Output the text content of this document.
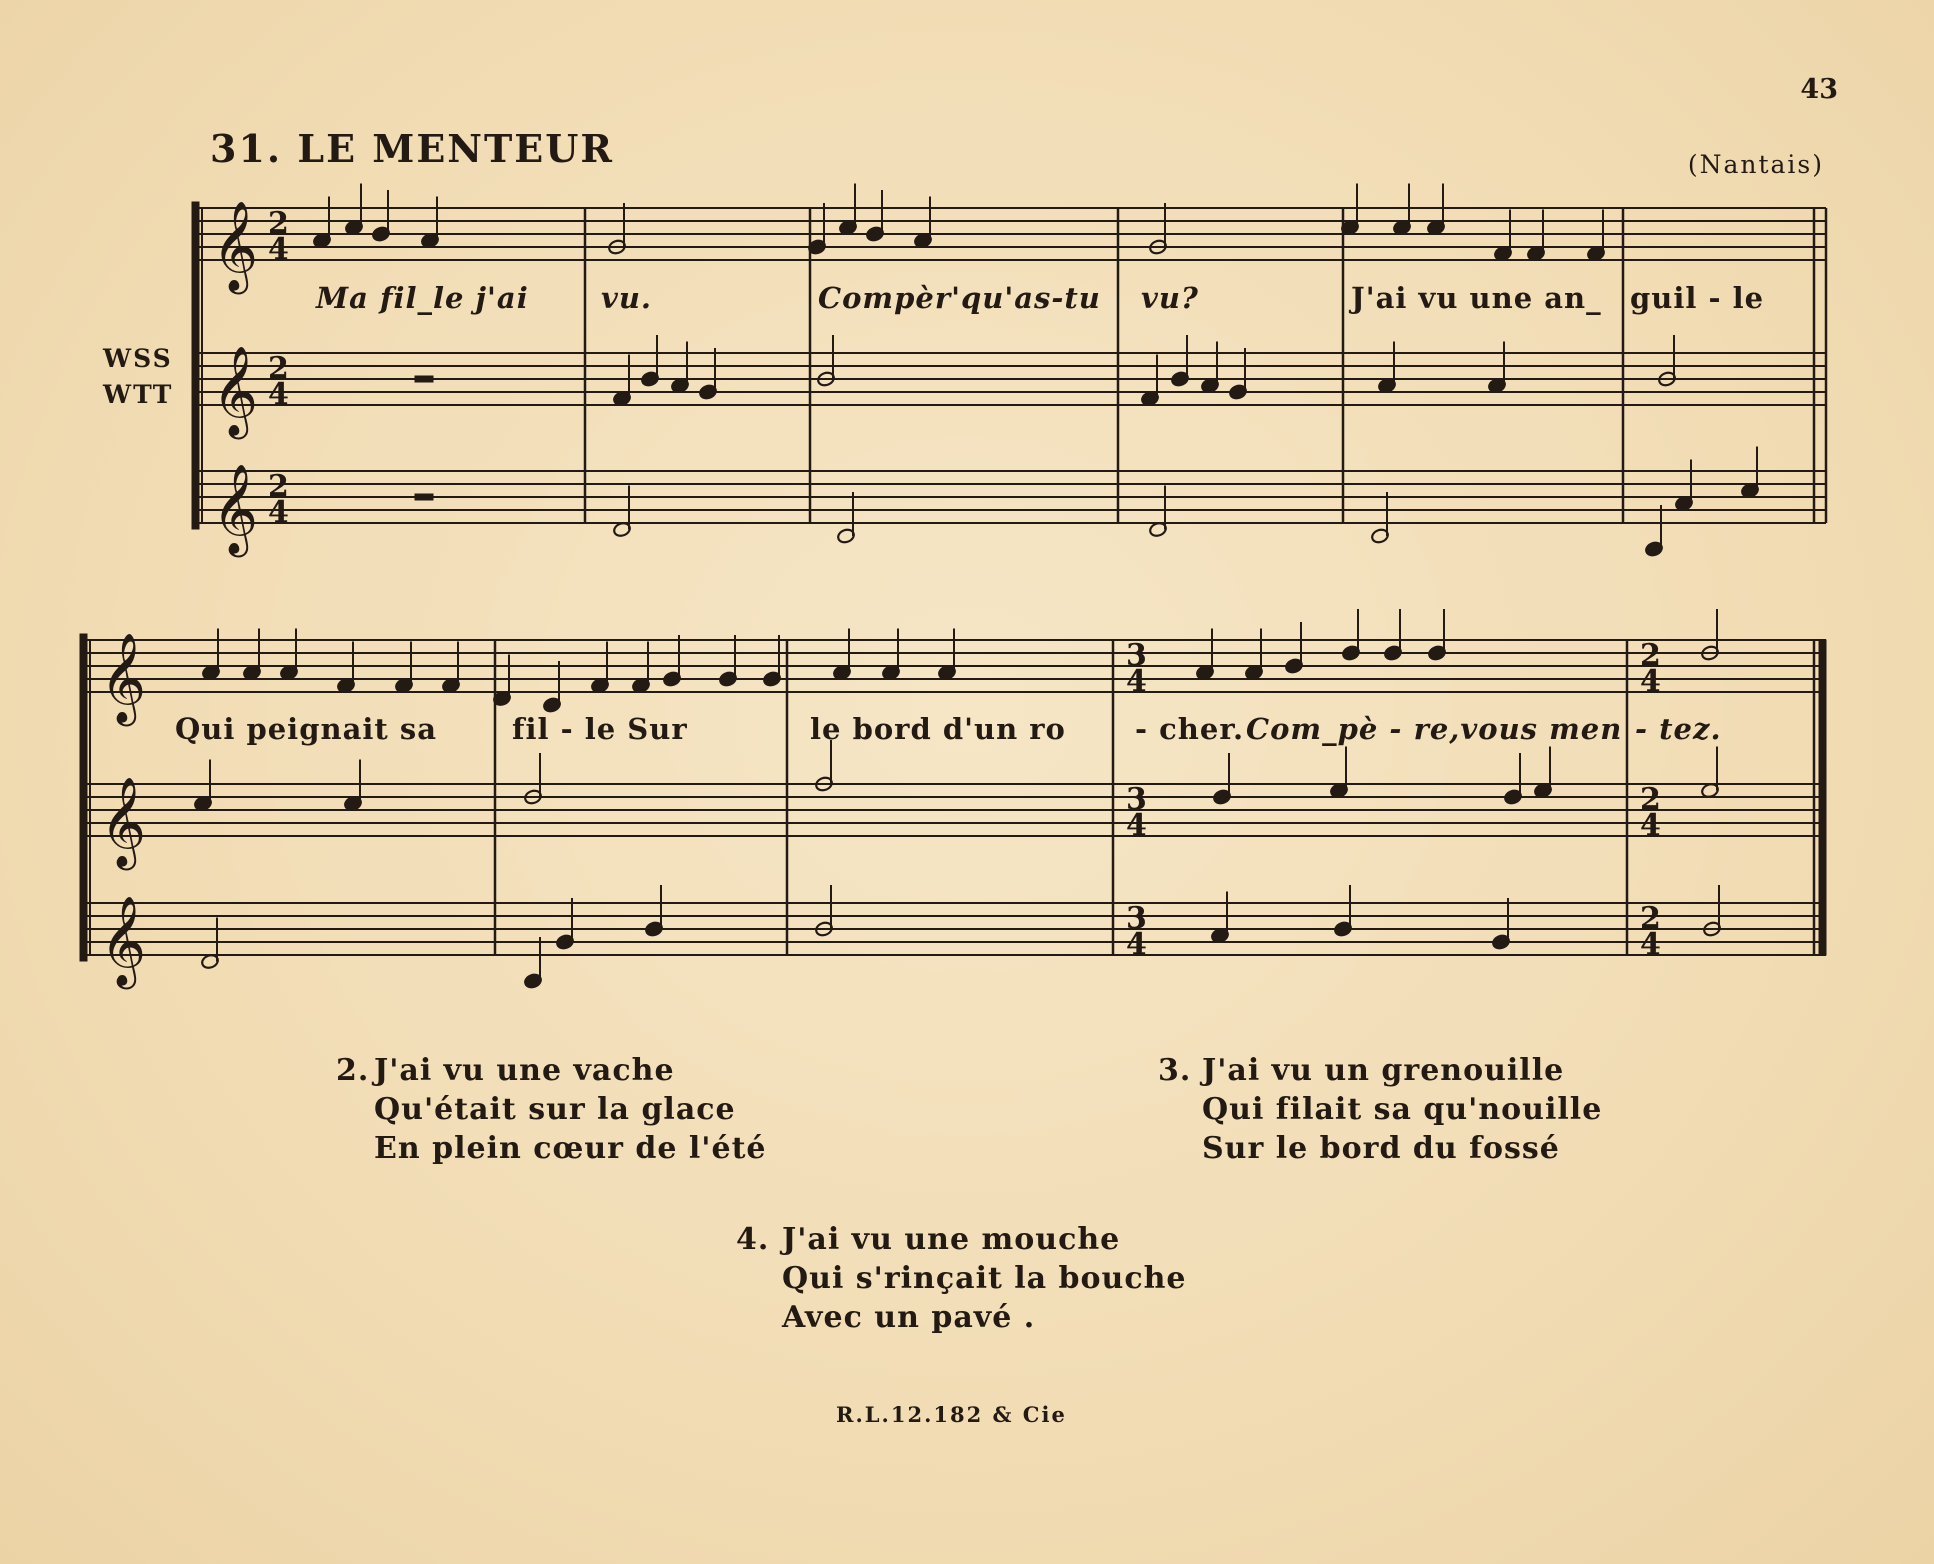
43
31. LE MENTEUR	(Nantais)
WSS
WTT
𝄞
𝄞
𝄞
𝄞
𝄞
𝄞
2
4
2
4
2
4
3
4
2
4
3
4
2
4
3
4
2
4
Ma fil_le j'ai vu.	Compèr'qu'as-tu vu?	J'ai vu une an_ guil - le
Qui peignait sa	fil - le Sur	le bord d'un ro - cher. Com_pè - re,vous men - tez.
2. J'ai vu une vache
Qu'était sur la glace
En plein cœur de l'été
3. J'ai vu un grenouille
Qui filait sa qu'nouille
Sur le bord du fossé
4. J'ai vu une mouche
Qui s'rinçait la bouche
Avec un pavé .
R.L.12.182 & Cie
